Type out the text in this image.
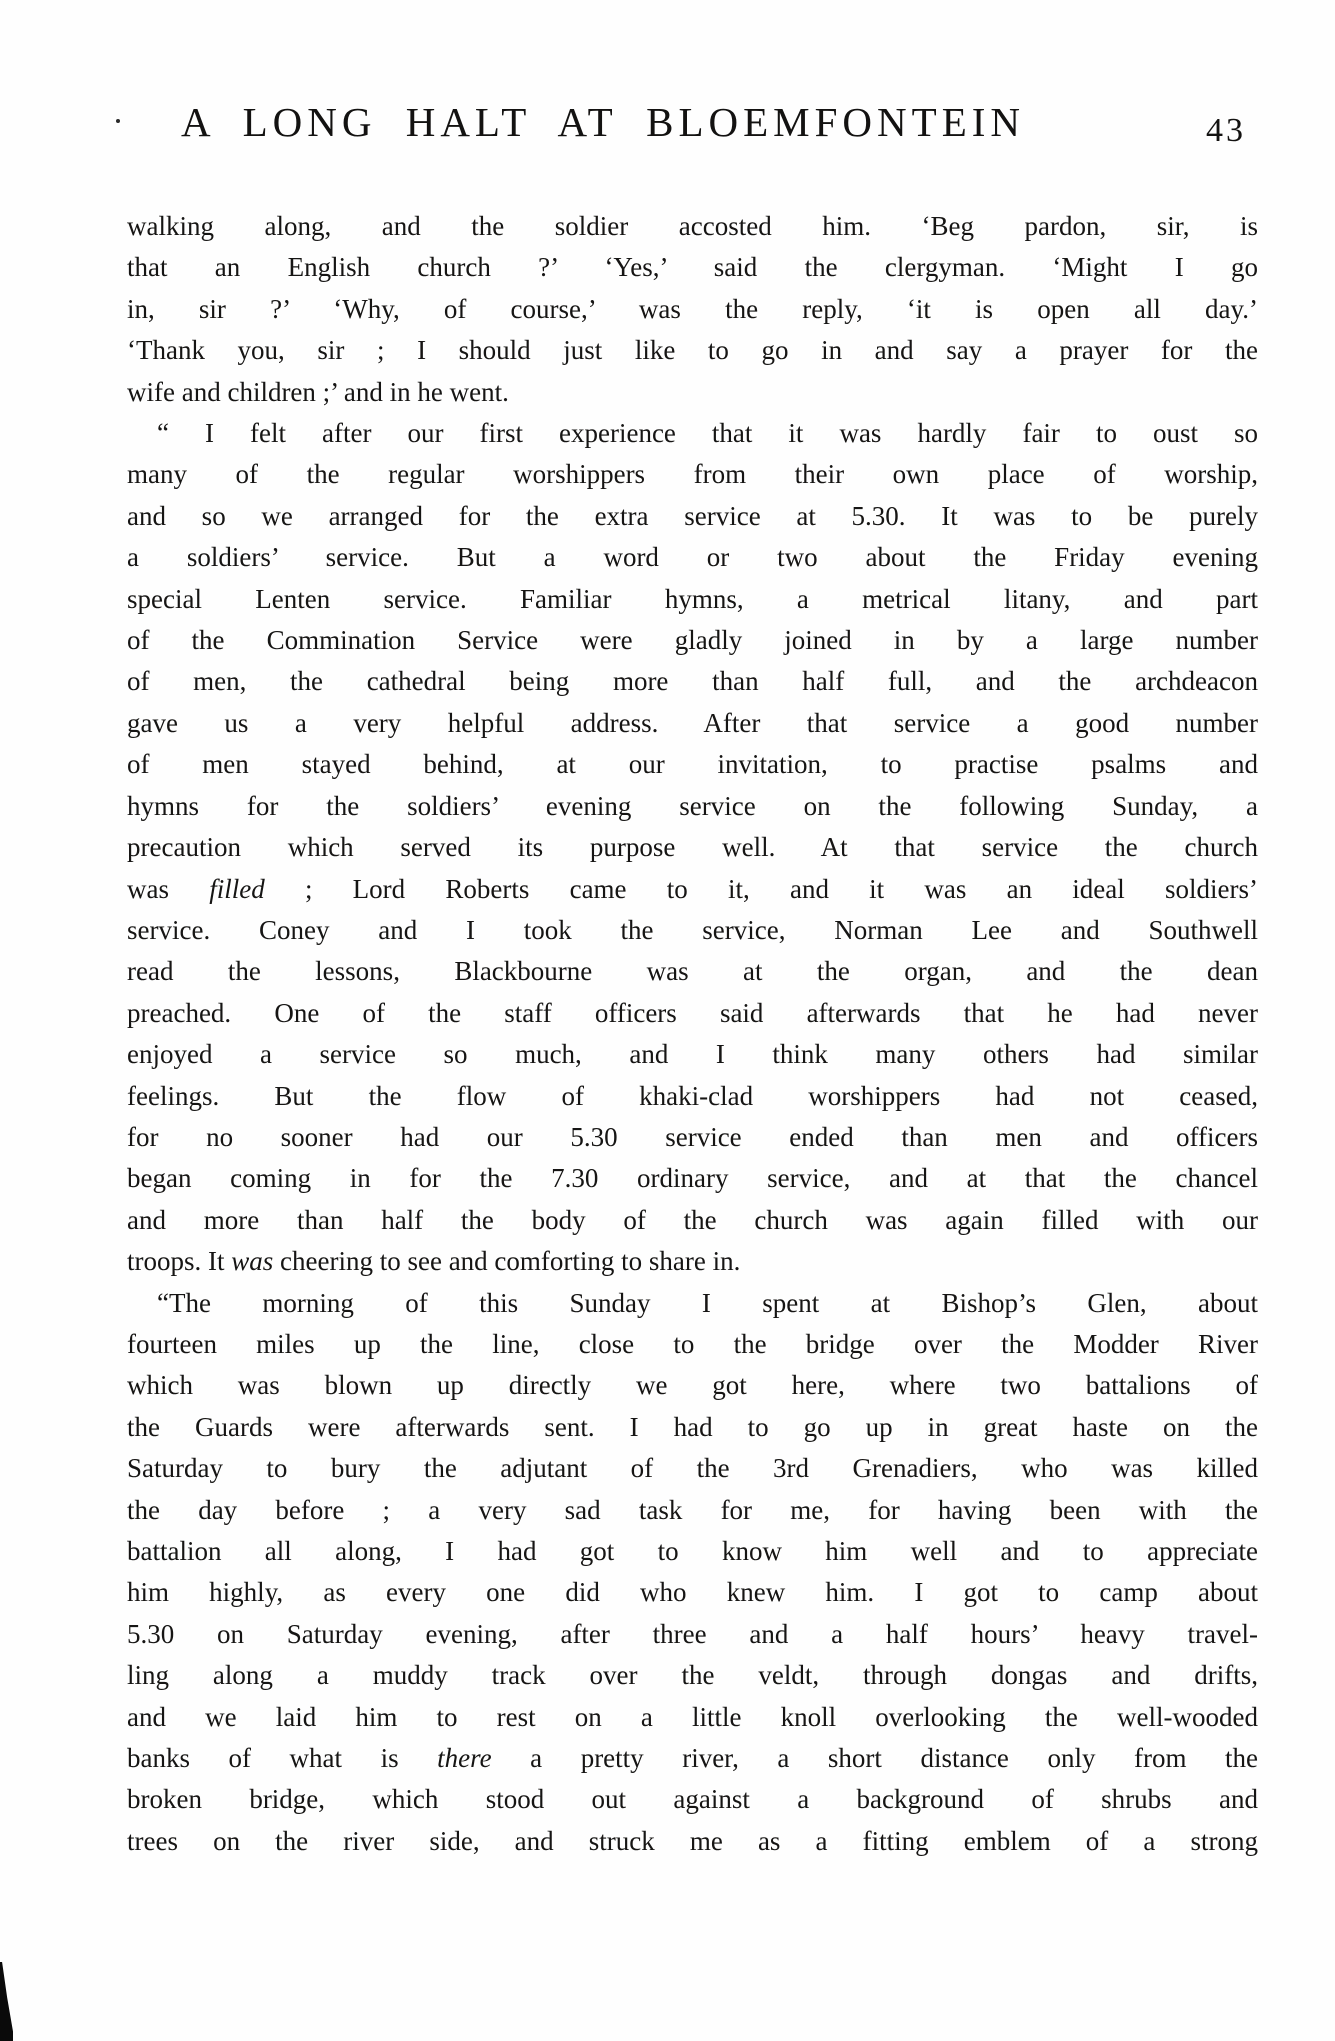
A LONG HALT AT BLOEMFONTEIN	43
walking along, and the soldier accosted him. ‘Beg pardon, sir, is
that an English church ?’ ‘Yes,’ said the clergyman. ‘Might I go
in, sir ?’ ‘Why, of course,’ was the reply, ‘it is open all day.’
‘Thank you, sir ; I should just like to go in and say a prayer for the
wife and children ;’ and in he went.
“ I felt after our first experience that it was hardly fair to oust so
many of the regular worshippers from their own place of worship,
and so we arranged for the extra service at 5.30. It was to be purely
a soldiers’ service. But a word or two about the Friday evening
special Lenten service. Familiar hymns, a metrical litany, and part
of the Commination Service were gladly joined in by a large number
of men, the cathedral being more than half full, and the archdeacon
gave us a very helpful address. After that service a good number
of men stayed behind, at our invitation, to practise psalms and
hymns for the soldiers’ evening service on the following Sunday, a
precaution which served its purpose well. At that service the church
was filled ; Lord Roberts came to it, and it was an ideal soldiers’
service. Coney and I took the service, Norman Lee and Southwell
read the lessons, Blackbourne was at the organ, and the dean
preached. One of the staff officers said afterwards that he had never
enjoyed a service so much, and I think many others had similar
feelings. But the flow of khaki-clad worshippers had not ceased,
for no sooner had our 5.30 service ended than men and officers
began coming in for the 7.30 ordinary service, and at that the chancel
and more than half the body of the church was again filled with our
troops. It was cheering to see and comforting to share in.
“The morning of this Sunday I spent at Bishop’s Glen, about
fourteen miles up the line, close to the bridge over the Modder River
which was blown up directly we got here, where two battalions of
the Guards were afterwards sent. I had to go up in great haste on the
Saturday to bury the adjutant of the 3rd Grenadiers, who was killed
the day before ; a very sad task for me, for having been with the
battalion all along, I had got to know him well and to appreciate
him highly, as every one did who knew him. I got to camp about
5.30 on Saturday evening, after three and a half hours’ heavy travel-
ling along a muddy track over the veldt, through dongas and drifts,
and we laid him to rest on a little knoll overlooking the well-wooded
banks of what is there a pretty river, a short distance only from the
broken bridge, which stood out against a background of shrubs and
trees on the river side, and struck me as a fitting emblem of a strong
